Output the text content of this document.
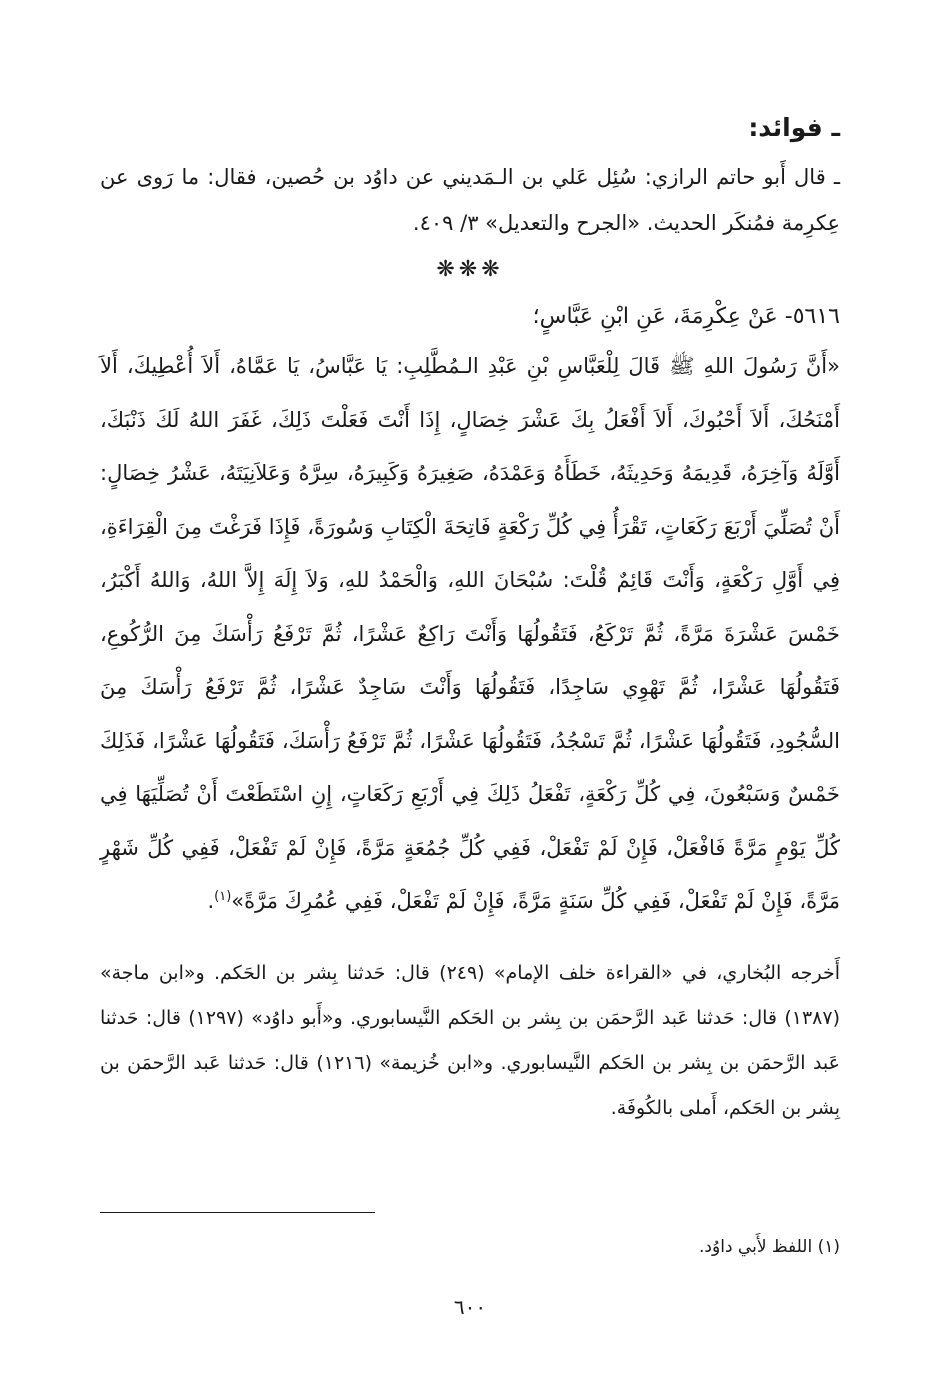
ـ فوائد:

ـ قال أَبو حاتم الرازي: سُئِل عَلي بن الـمَديني عن داوُد بن حُصين، فقال: ما رَوى عن عِكرِمة فمُنكَر الحديث. «الجرح والتعديل» ٣/ ٤٠٩.

❋❋❋

٥٦١٦- عَنْ عِكْرِمَةَ، عَنِ ابْنِ عَبَّاسٍ؛

«أَنَّ رَسُولَ اللهِ ﷺ قَالَ لِلْعَبَّاسِ بْنِ عَبْدِ الـمُطَّلِبِ: يَا عَبَّاسُ، يَا عَمَّاهُ، أَلاَ أُعْطِيكَ، أَلاَ أَمْنَحُكَ، أَلاَ أَحْبُوكَ، أَلاَ أَفْعَلُ بِكَ عَشْرَ خِصَالٍ، إِذَا أَنْتَ فَعَلْتَ ذَلِكَ، غَفَرَ اللهُ لَكَ ذَنْبَكَ، أَوَّلَهُ وَآخِرَهُ، قَدِيمَهُ وَحَدِيثَهُ، خَطَأَهُ وَعَمْدَهُ، صَغِيرَهُ وَكَبِيرَهُ، سِرَّهُ وَعَلاَنِيَتَهُ، عَشْرُ خِصَالٍ: أَنْ تُصَلِّيَ أَرْبَعَ رَكَعَاتٍ، تَقْرَأُ فِي كُلِّ رَكْعَةٍ فَاتِحَةَ الْكِتَابِ وَسُورَةً، فَإِذَا فَرَغْتَ مِنَ الْقِرَاءَةِ، فِي أَوَّلِ رَكْعَةٍ، وَأَنْتَ قَائِمٌ قُلْتَ: سُبْحَانَ اللهِ، وَالْحَمْدُ للهِ، وَلاَ إِلَهَ إِلاَّ اللهُ، وَاللهُ أَكْبَرُ، خَمْسَ عَشْرَةَ مَرَّةً، ثُمَّ تَرْكَعُ، فَتَقُولُهَا وَأَنْتَ رَاكِعٌ عَشْرًا، ثُمَّ تَرْفَعُ رَأْسَكَ مِنَ الرُّكُوعِ، فَتَقُولُهَا عَشْرًا، ثُمَّ تَهْوِي سَاجِدًا، فَتَقُولُهَا وَأَنْتَ سَاجِدٌ عَشْرًا، ثُمَّ تَرْفَعُ رَأْسَكَ مِنَ السُّجُودِ، فَتَقُولُهَا عَشْرًا، ثُمَّ تَسْجُدُ، فَتَقُولُهَا عَشْرًا، ثُمَّ تَرْفَعُ رَأْسَكَ، فَتَقُولُهَا عَشْرًا، فَذَلِكَ خَمْسٌ وَسَبْعُونَ، فِي كُلِّ رَكْعَةٍ، تَفْعَلُ ذَلِكَ فِي أَرْبَعِ رَكَعَاتٍ، إِنِ اسْتَطَعْتَ أَنْ تُصَلِّيَهَا فِي كُلِّ يَوْمٍ مَرَّةً فَافْعَلْ، فَإِنْ لَمْ تَفْعَلْ، فَفِي كُلِّ جُمُعَةٍ مَرَّةً، فَإِنْ لَمْ تَفْعَلْ، فَفِي كُلِّ شَهْرٍ مَرَّةً، فَإِنْ لَمْ تَفْعَلْ، فَفِي كُلِّ سَنَةٍ مَرَّةً، فَإِنْ لَمْ تَفْعَلْ، فَفِي عُمُرِكَ مَرَّةً»$^{(١)}$.

أَخرجه البُخاري، في «القراءة خلف الإمام» (٢٤٩) قال: حَدثنا بِشر بن الحَكم. و«ابن ماجة» (١٣٨٧) قال: حَدثنا عَبد الرَّحمَن بن بِشر بن الحَكم النَّيسابوري. و«أَبو داوُد» (١٢٩٧) قال: حَدثنا عَبد الرَّحمَن بن بِشر بن الحَكم النَّيسابوري. و«ابن خُزيمة» (١٢١٦) قال: حَدثنا عَبد الرَّحمَن بن بِشر بن الحَكم، أَملى بالكُوفَة.

(١) اللفظ لأَبي داوُد.
٦٠٠
